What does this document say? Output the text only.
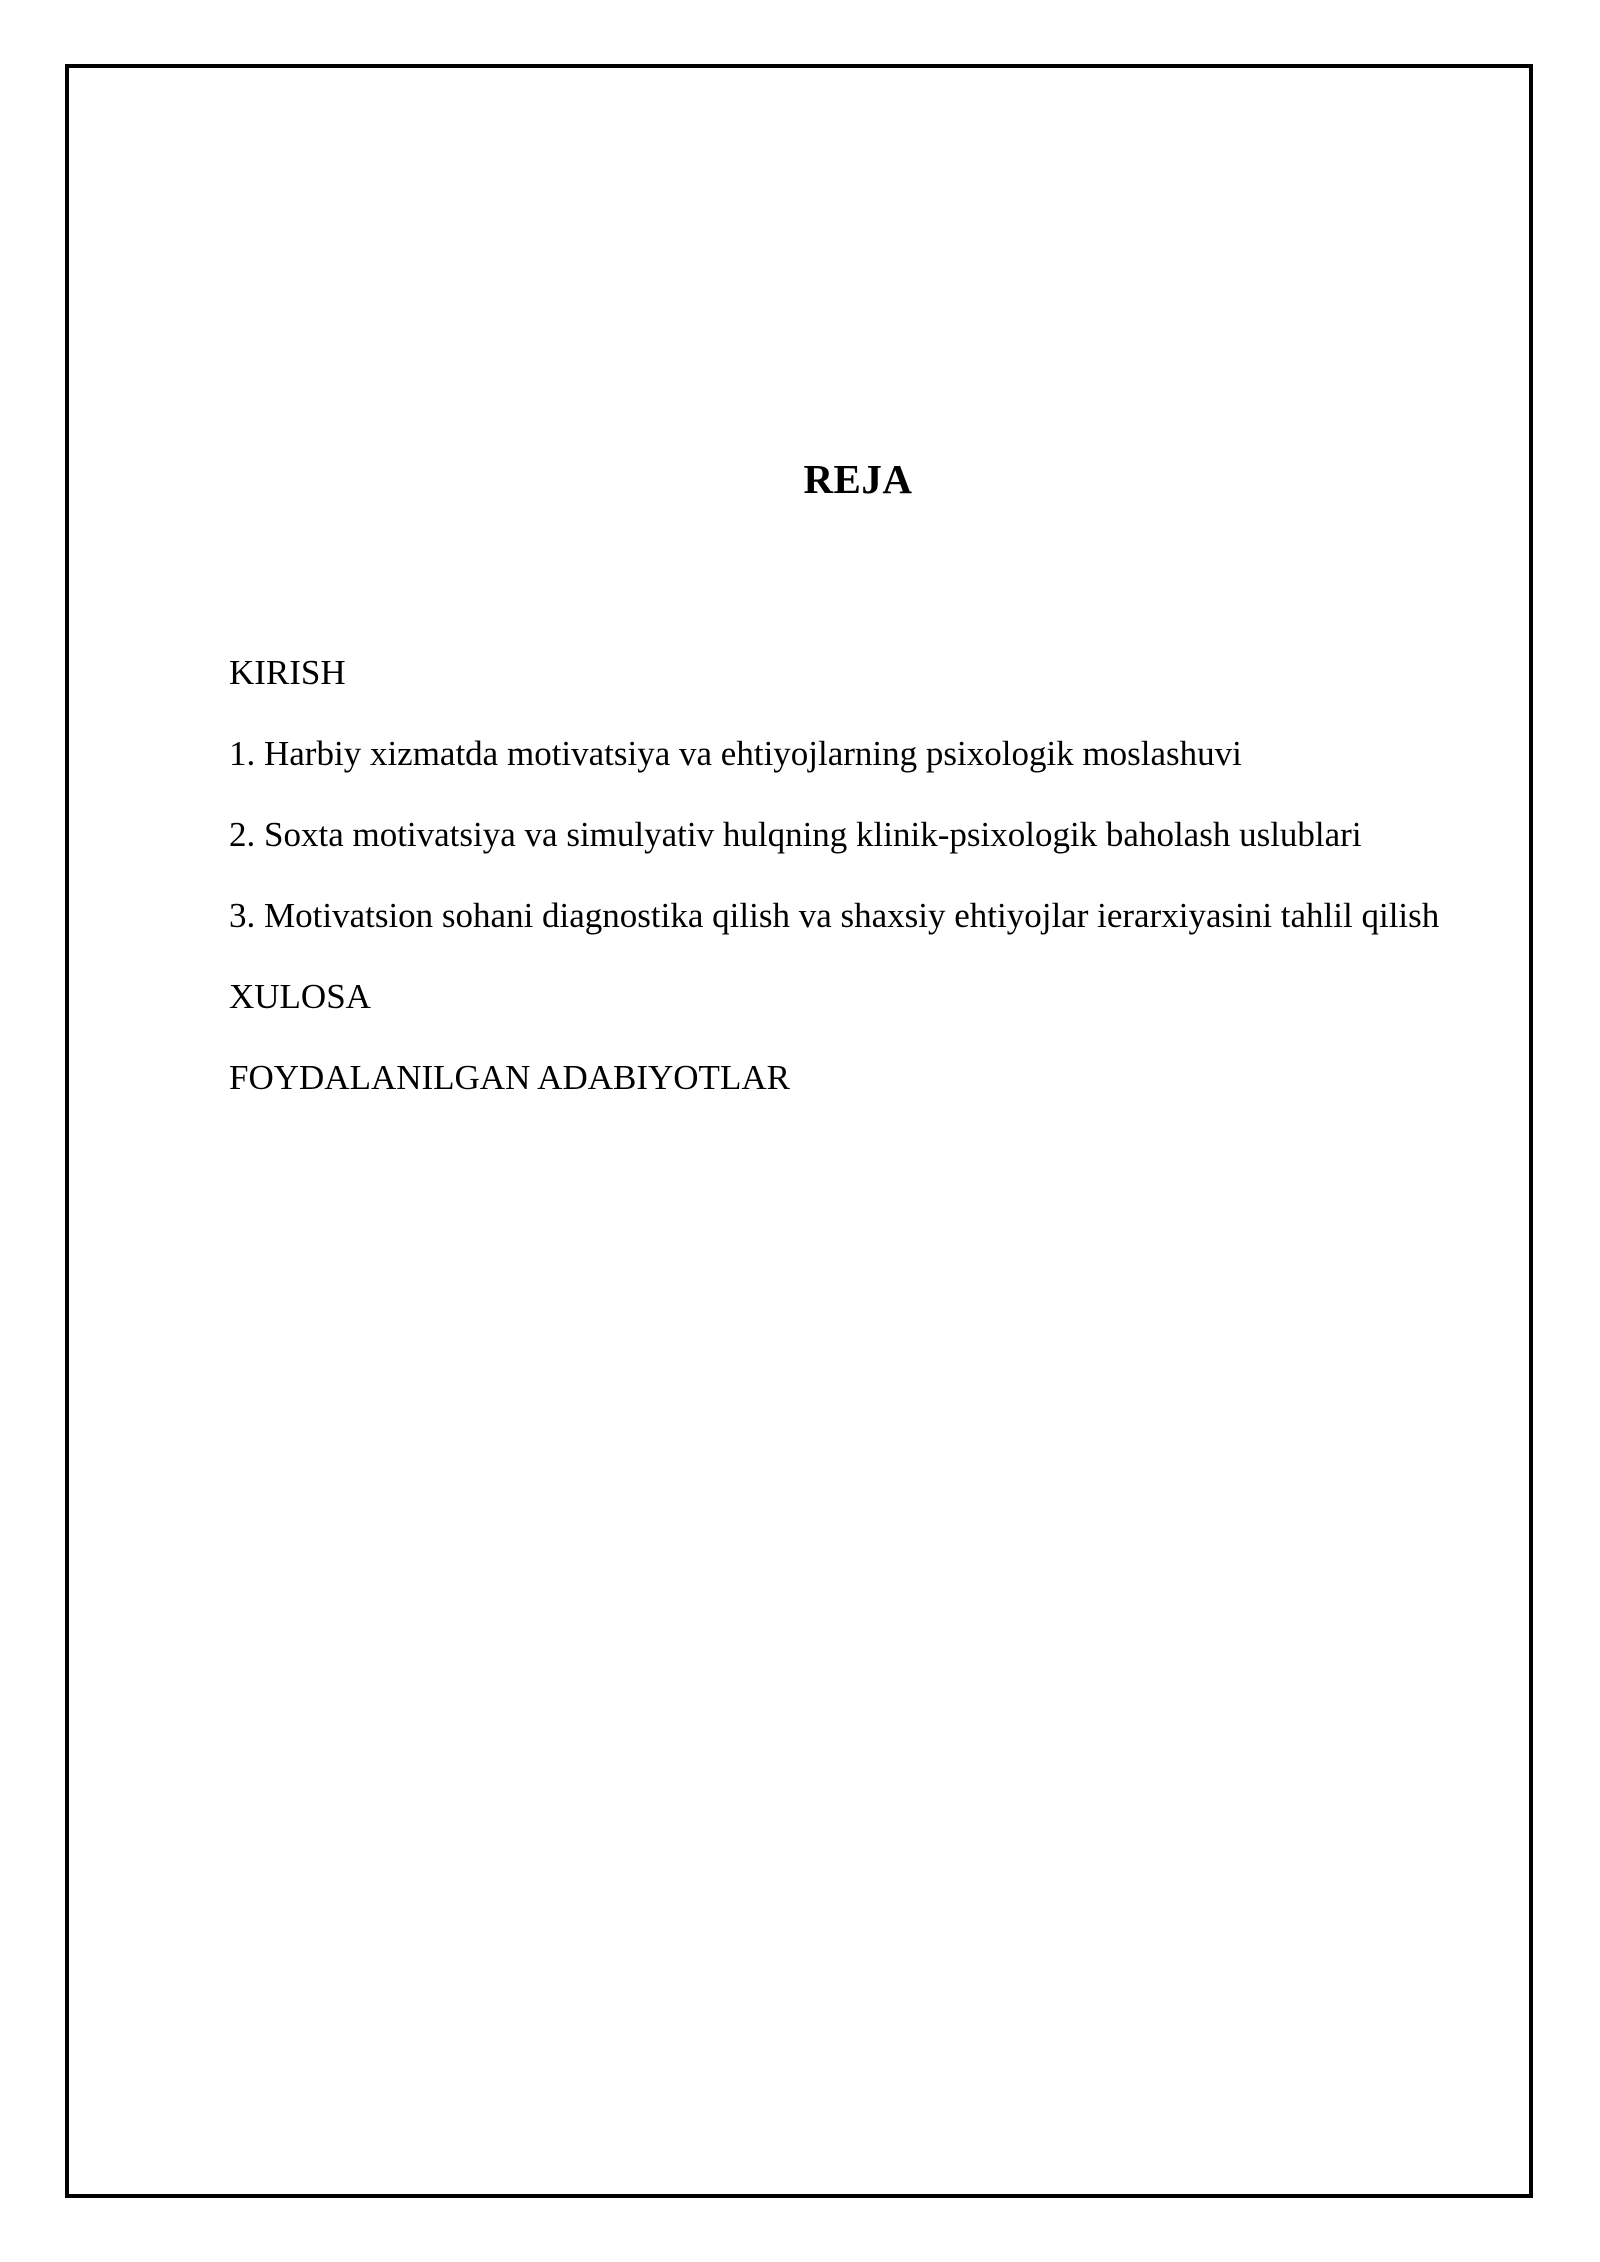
REJA
KIRISH
1. Harbiy xizmatda motivatsiya va ehtiyojlarning psixologik moslashuvi
2. Soxta motivatsiya va simulyativ hulqning klinik-psixologik baholash uslublari
3. Motivatsion sohani diagnostika qilish va shaxsiy ehtiyojlar ierarxiyasini tahlil qilish
XULOSA
FOYDALANILGAN ADABIYOTLAR
